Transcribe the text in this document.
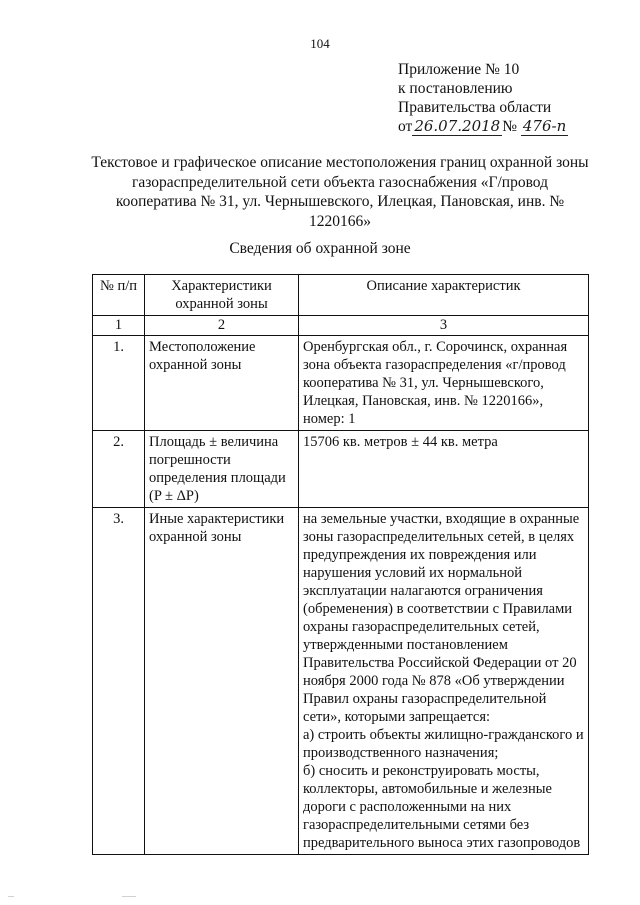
104
Приложение № 10
к постановлению
Правительства области
от 26.07.2018 № 476-п
Текстовое и графическое описание местоположения границ охранной зоны газораспределительной сети объекта газоснабжения «Г/провод кооператива № 31, ул. Чернышевского, Илецкая, Пановская, инв. № 1220166»
Сведения об охранной зоне
№ п/п	Характеристики охранной зоны	Описание характеристик
1	2	3
1.	Местоположение охранной зоны	Оренбургская обл., г. Сорочинск, охранная зона объекта газораспределения «г/провод кооператива № 31, ул. Чернышевского, Илецкая, Пановская, инв. № 1220166», номер: 1
2.	Площадь ± величина погрешности определения площади (P ± ΔP)	15706 кв. метров ± 44 кв. метра
3.	Иные характеристики охранной зоны	на земельные участки, входящие в охранные зоны газораспределительных сетей, в целях предупреждения их повреждения или нарушения условий их нормальной эксплуатации налагаются ограничения (обременения) в соответствии с Правилами охраны газораспределительных сетей, утвержденными постановлением Правительства Российской Федерации от 20 ноября 2000 года № 878 «Об утверждении Правил охраны газораспределительной сети», которыми запрещается:
а) строить объекты жилищно-гражданского и производственного назначения;
б) сносить и реконструировать мосты, коллекторы, автомобильные и железные дороги с расположенными на них газораспределительными сетями без предварительного выноса этих газопроводов
...	.......
